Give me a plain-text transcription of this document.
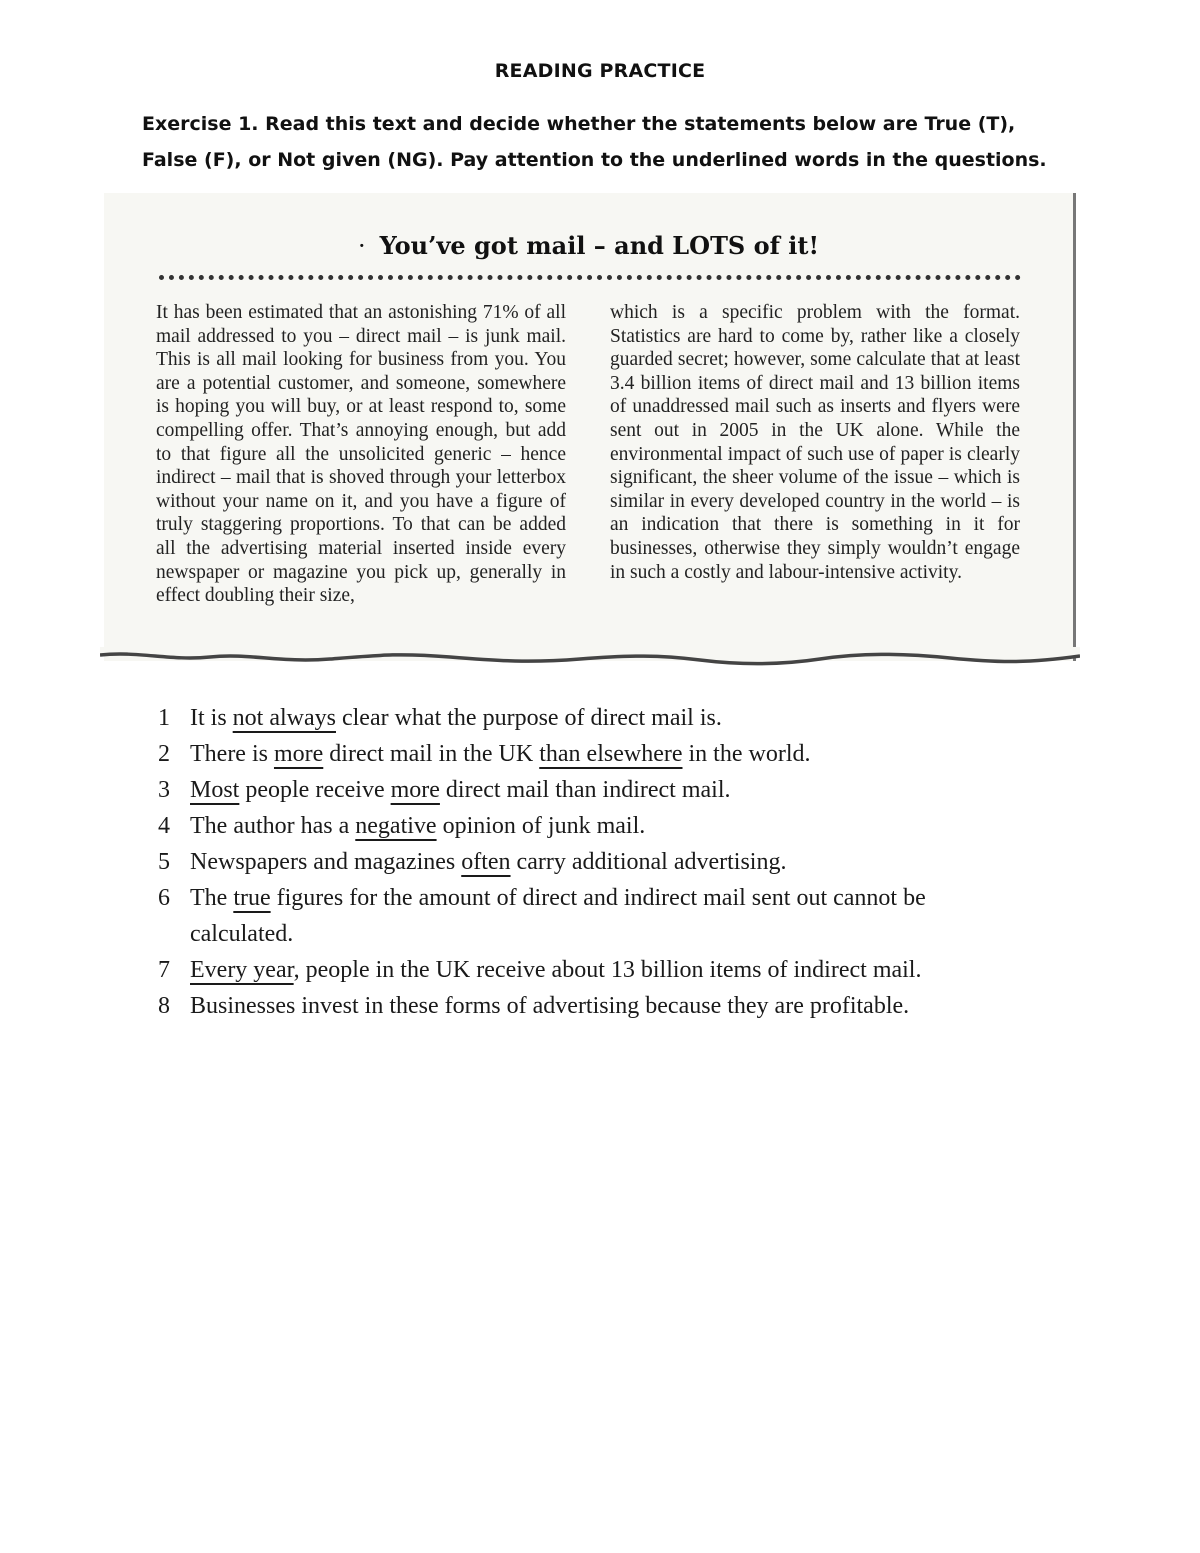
READING PRACTICE
Exercise 1. Read this text and decide whether the statements below are True (T), False (F), or Not given (NG). Pay attention to the underlined words in the questions.
· You’ve got mail – and LOTS of it!
It has been estimated that an astonishing 71% of all mail addressed to you – direct mail – is junk mail. This is all mail looking for business from you. You are a potential customer, and someone, somewhere is hoping you will buy, or at least respond to, some compelling offer. That’s annoying enough, but add to that figure all the unsolicited generic – hence indirect – mail that is shoved through your letterbox without your name on it, and you have a figure of truly staggering proportions. To that can be added all the advertising material inserted inside every newspaper or magazine you pick up, generally in effect doubling their size,
which is a specific problem with the format. Statistics are hard to come by, rather like a closely guarded secret; however, some calculate that at least 3.4 billion items of direct mail and 13 billion items of unaddressed mail such as inserts and flyers were sent out in 2005 in the UK alone. While the environmental impact of such use of paper is clearly significant, the sheer volume of the issue – which is similar in every developed country in the world – is an indication that there is something in it for businesses, otherwise they simply wouldn’t engage in such a costly and labour-intensive activity.
1 It is not always clear what the purpose of direct mail is.
2 There is more direct mail in the UK than elsewhere in the world.
3 Most people receive more direct mail than indirect mail.
4 The author has a negative opinion of junk mail.
5 Newspapers and magazines often carry additional advertising.
6 The true figures for the amount of direct and indirect mail sent out cannot be calculated.
7 Every year, people in the UK receive about 13 billion items of indirect mail.
8 Businesses invest in these forms of advertising because they are profitable.
